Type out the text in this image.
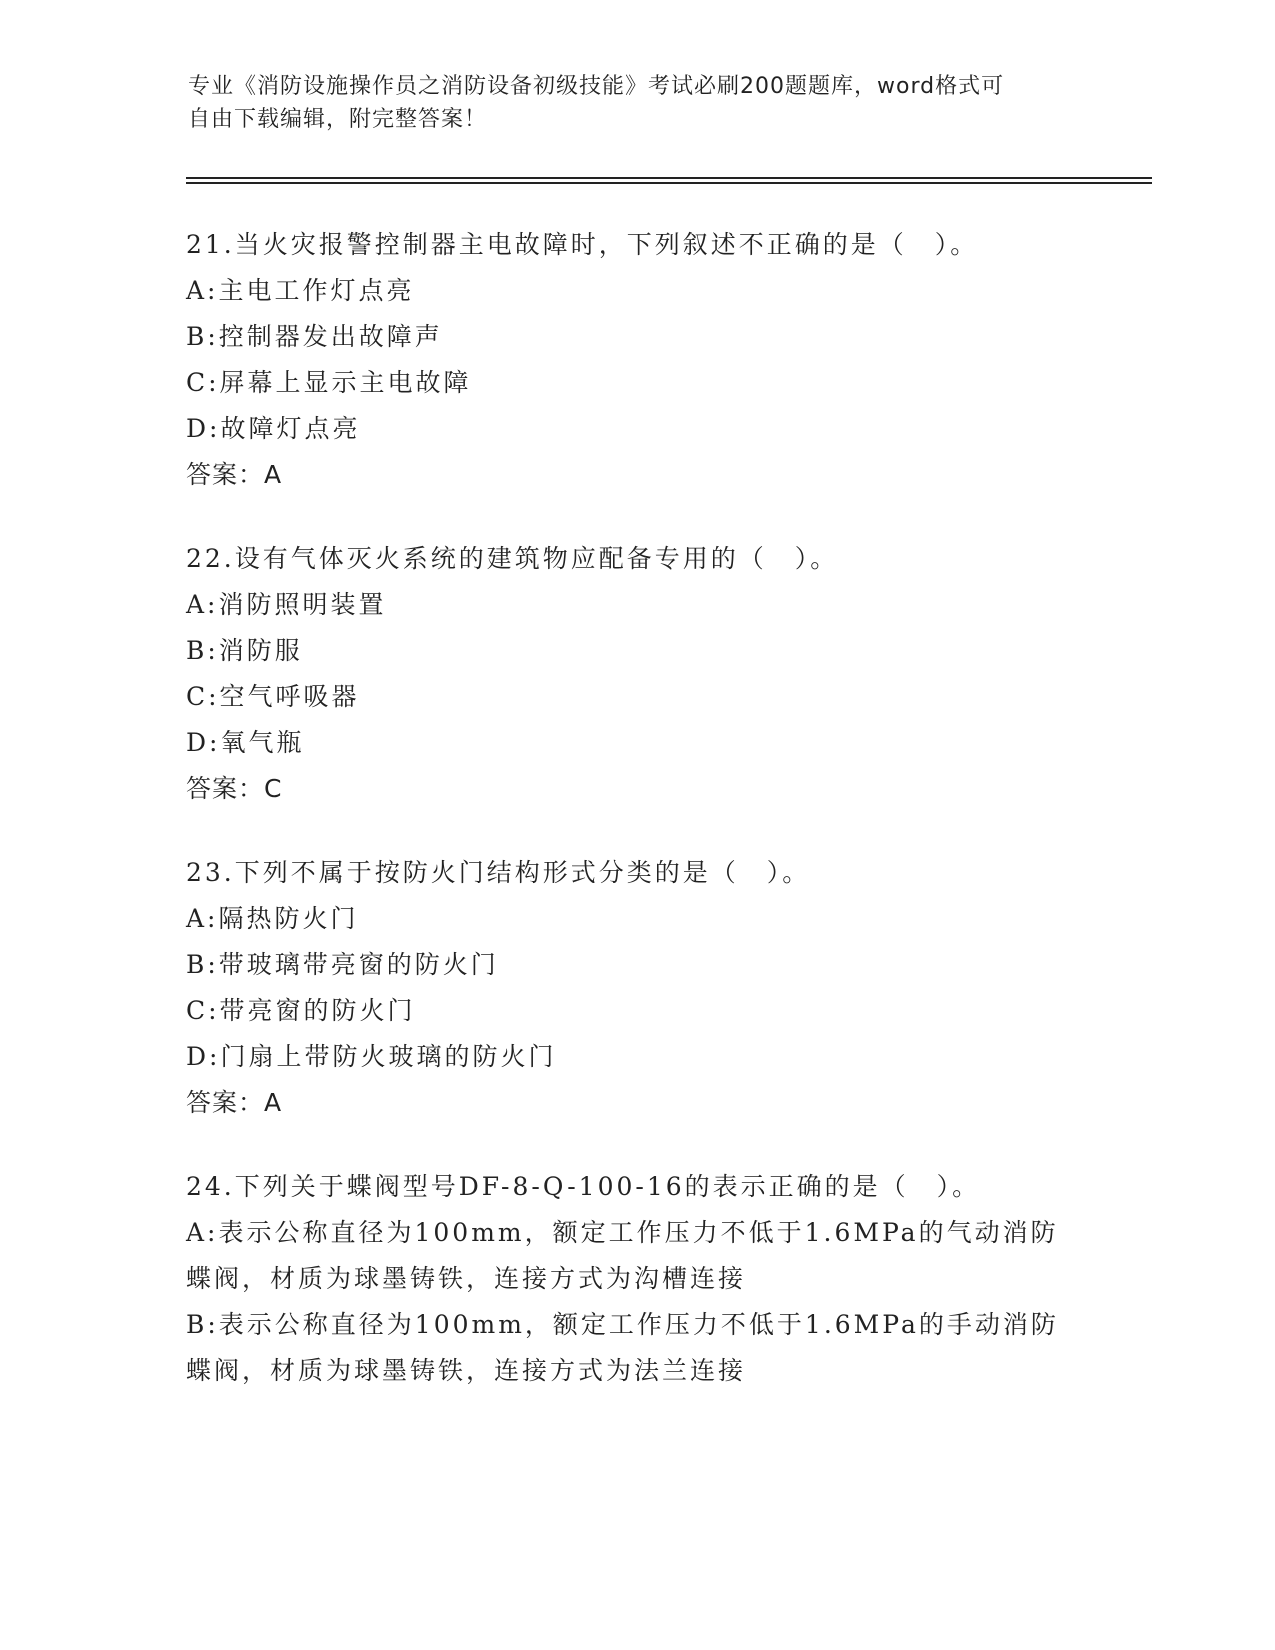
专业《消防设施操作员之消防设备初级技能》考试必刷200题题库，word格式可
自由下载编辑，附完整答案！
21.当火灾报警控制器主电故障时，下列叙述不正确的是（　）。
A:主电工作灯点亮
B:控制器发出故障声
C:屏幕上显示主电故障
D:故障灯点亮
答案：A
22.设有气体灭火系统的建筑物应配备专用的（　）。
A:消防照明装置
B:消防服
C:空气呼吸器
D:氧气瓶
答案：C
23.下列不属于按防火门结构形式分类的是（　）。
A:隔热防火门
B:带玻璃带亮窗的防火门
C:带亮窗的防火门
D:门扇上带防火玻璃的防火门
答案：A
24.下列关于蝶阀型号DF-8-Q-100-16的表示正确的是（　）。
A:表示公称直径为100mm，额定工作压力不低于1.6MPa的气动消防蝶阀，材质为球墨铸铁，连接方式为沟槽连接
B:表示公称直径为100mm，额定工作压力不低于1.6MPa的手动消防蝶阀，材质为球墨铸铁，连接方式为法兰连接
